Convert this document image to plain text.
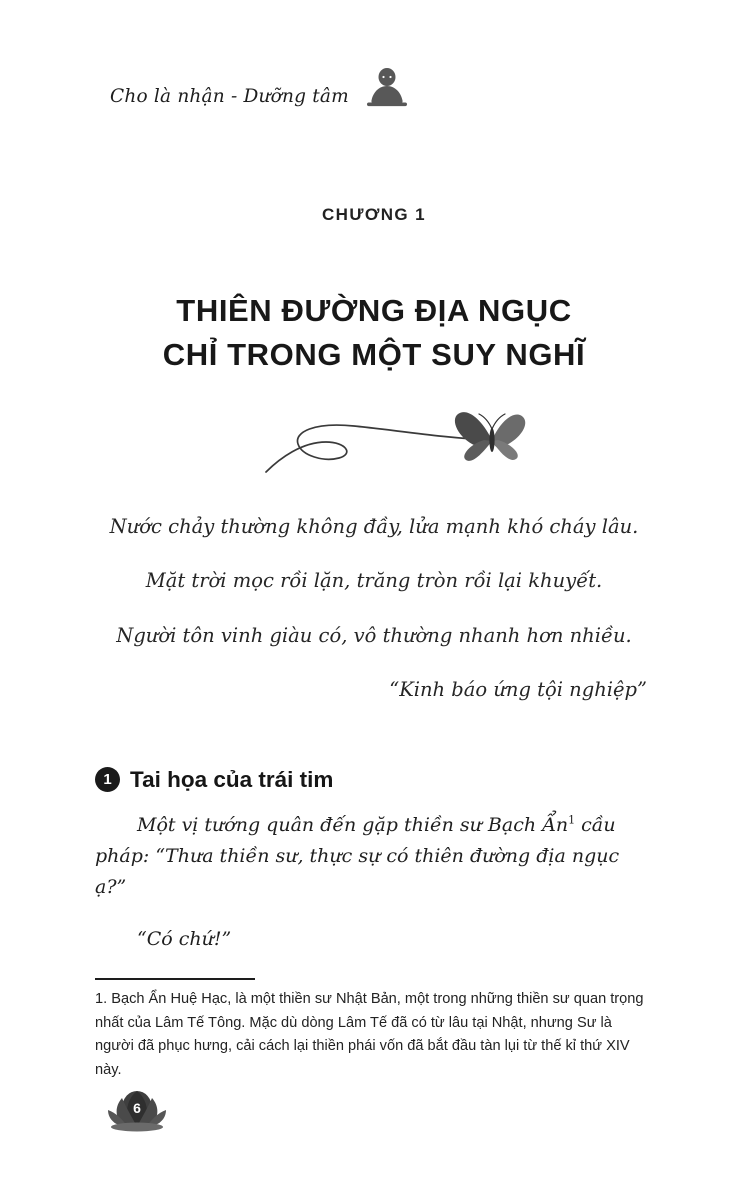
Cho là nhận - Dưỡng tâm
CHƯƠNG 1
THIÊN ĐƯỜNG ĐỊA NGỤC
CHỈ TRONG MỘT SUY NGHĨ
Nước chảy thường không đầy, lửa mạnh khó cháy lâu.
Mặt trời mọc rồi lặn, trăng tròn rồi lại khuyết.
Người tôn vinh giàu có, vô thường nhanh hơn nhiều.
“Kinh báo ứng tội nghiệp”
1 Tai họa của trái tim

Một vị tướng quân đến gặp thiền sư Bạch Ẩn$^1$ cầu pháp: “Thưa thiền sư, thực sự có thiên đường địa ngục ạ?”

“Có chứ!”

1. Bạch Ẩn Huệ Hạc, là một thiền sư Nhật Bản, một trong những thiền sư quan trọng nhất của Lâm Tế Tông. Mặc dù dòng Lâm Tế đã có từ lâu tại Nhật, nhưng Sư là người đã phục hưng, cải cách lại thiền phái vốn đã bắt đầu tàn lụi từ thế kỉ thứ XIV này.
6
